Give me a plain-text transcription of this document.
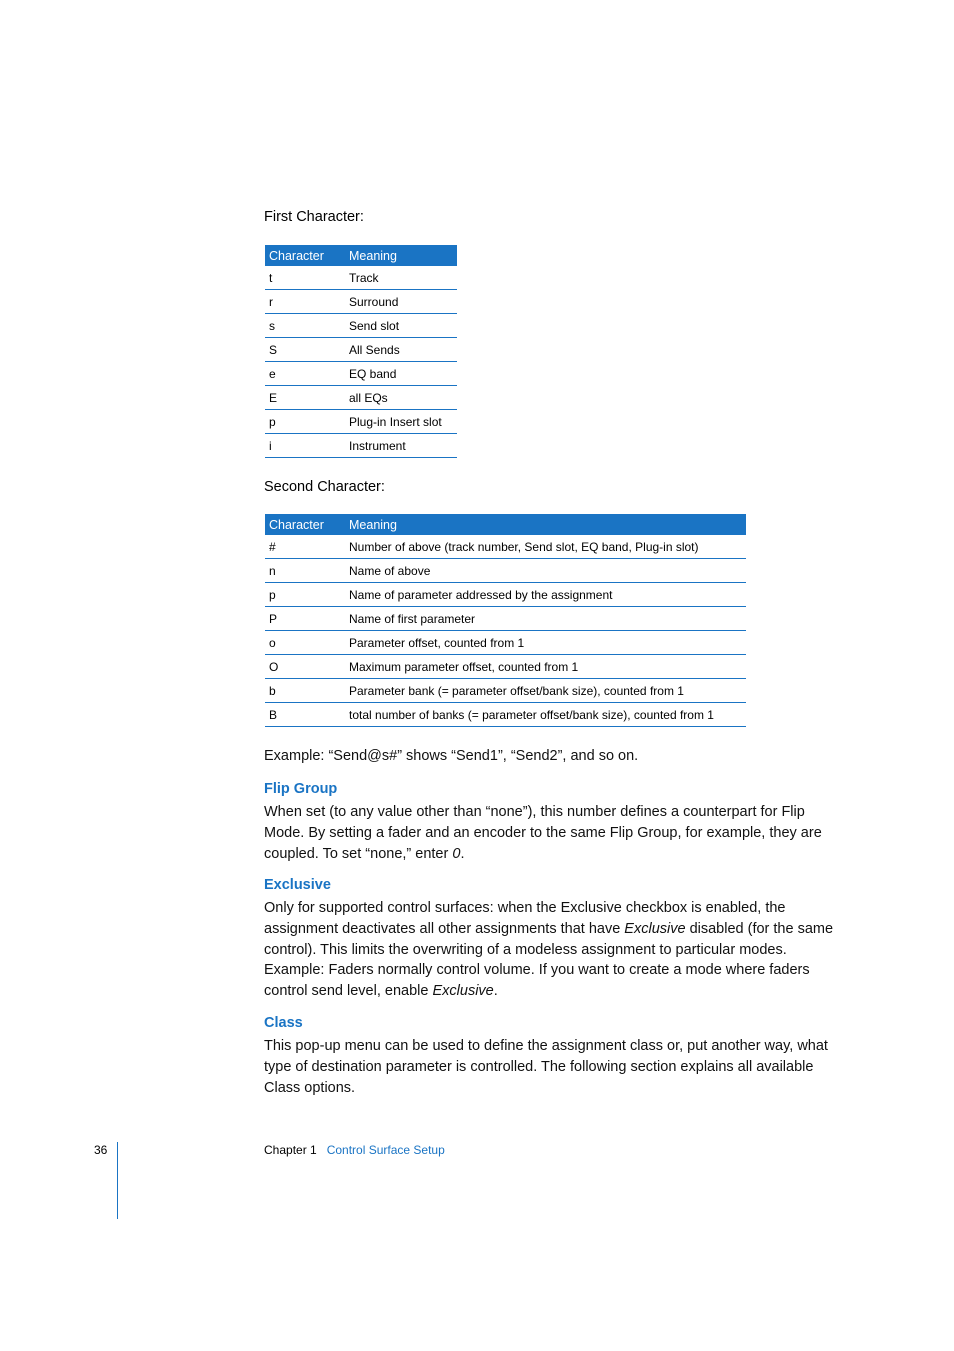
First Character:
Character	Meaning
t	Track
r	Surround
s	Send slot
S	All Sends
e	EQ band
E	all EQs
p	Plug-in Insert slot
i	Instrument
Second Character:
Character	Meaning
#	Number of above (track number, Send slot, EQ band, Plug-in slot)
n	Name of above
p	Name of parameter addressed by the assignment
P	Name of first parameter
o	Parameter offset, counted from 1
O	Maximum parameter offset, counted from 1
b	Parameter bank (= parameter offset/bank size), counted from 1
B	total number of banks (= parameter offset/bank size), counted from 1
Example: “Send@s#” shows “Send1”, “Send2”, and so on.
Flip Group
When set (to any value other than “none”), this number defines a counterpart for Flip Mode. By setting a fader and an encoder to the same Flip Group, for example, they are coupled. To set “none,” enter 0.
Exclusive
Only for supported control surfaces: when the Exclusive checkbox is enabled, the assignment deactivates all other assignments that have Exclusive disabled (for the same control). This limits the overwriting of a modeless assignment to particular modes. Example: Faders normally control volume. If you want to create a mode where faders control send level, enable Exclusive.
Class
This pop-up menu can be used to define the assignment class or, put another way, what type of destination parameter is controlled. The following section explains all available Class options.
36	Chapter 1 Control Surface Setup
